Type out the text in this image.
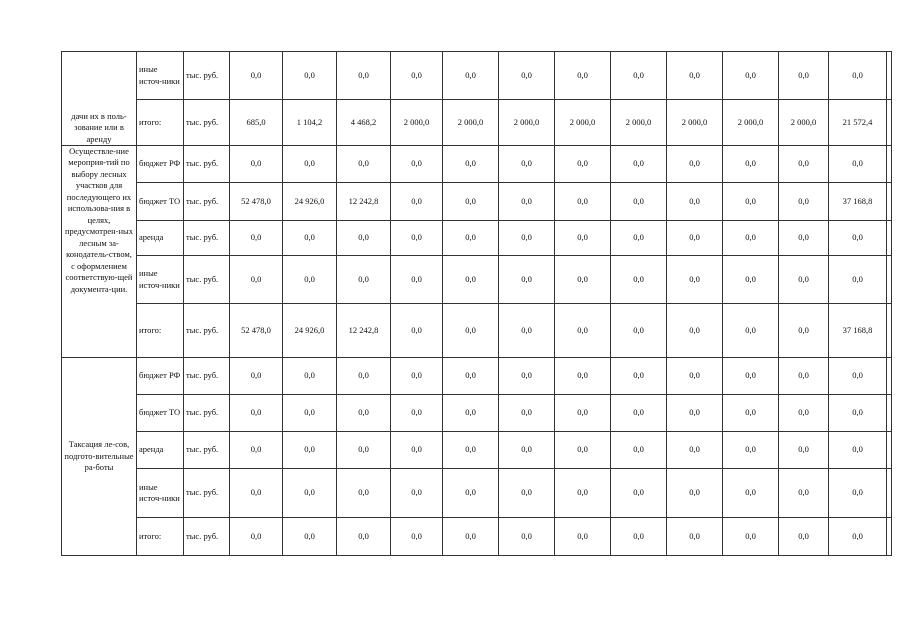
дачи их в поль-зование или в аренду	иные источ-ники	тыс. руб.	0,0	0,0	0,0	0,0	0,0	0,0	0,0	0,0	0,0	0,0	0,0	0,0	
	итого:	тыс. руб.	685,0	1 104,2	4 468,2	2 000,0	2 000,0	2 000,0	2 000,0	2 000,0	2 000,0	2 000,0	2 000,0	21 572,4	
Осуществле-ние мероприя-тий по выбору лесных участков для последующего их использова-ния в целях, предусмотрен-ных лесным за-конодатель-ством, с оформлением соответствую-щей документа-ции.	бюджет РФ	тыс. руб.	0,0	0,0	0,0	0,0	0,0	0,0	0,0	0,0	0,0	0,0	0,0	0,0	
	бюджет ТО	тыс. руб.	52 478,0	24 926,0	12 242,8	0,0	0,0	0,0	0,0	0,0	0,0	0,0	0,0	37 168,8	
	аренда	тыс. руб.	0,0	0,0	0,0	0,0	0,0	0,0	0,0	0,0	0,0	0,0	0,0	0,0	
	иные источ-ники	тыс. руб.	0,0	0,0	0,0	0,0	0,0	0,0	0,0	0,0	0,0	0,0	0,0	0,0	
	итого:	тыс. руб.	52 478,0	24 926,0	12 242,8	0,0	0,0	0,0	0,0	0,0	0,0	0,0	0,0	37 168,8	
Таксация ле-сов, подгото-вительные ра-боты	бюджет РФ	тыс. руб.	0,0	0,0	0,0	0,0	0,0	0,0	0,0	0,0	0,0	0,0	0,0	0,0	
	бюджет ТО	тыс. руб.	0,0	0,0	0,0	0,0	0,0	0,0	0,0	0,0	0,0	0,0	0,0	0,0	
	аренда	тыс. руб.	0,0	0,0	0,0	0,0	0,0	0,0	0,0	0,0	0,0	0,0	0,0	0,0	
	иные источ-ники	тыс. руб.	0,0	0,0	0,0	0,0	0,0	0,0	0,0	0,0	0,0	0,0	0,0	0,0	
	итого:	тыс. руб.	0,0	0,0	0,0	0,0	0,0	0,0	0,0	0,0	0,0	0,0	0,0	0,0	
